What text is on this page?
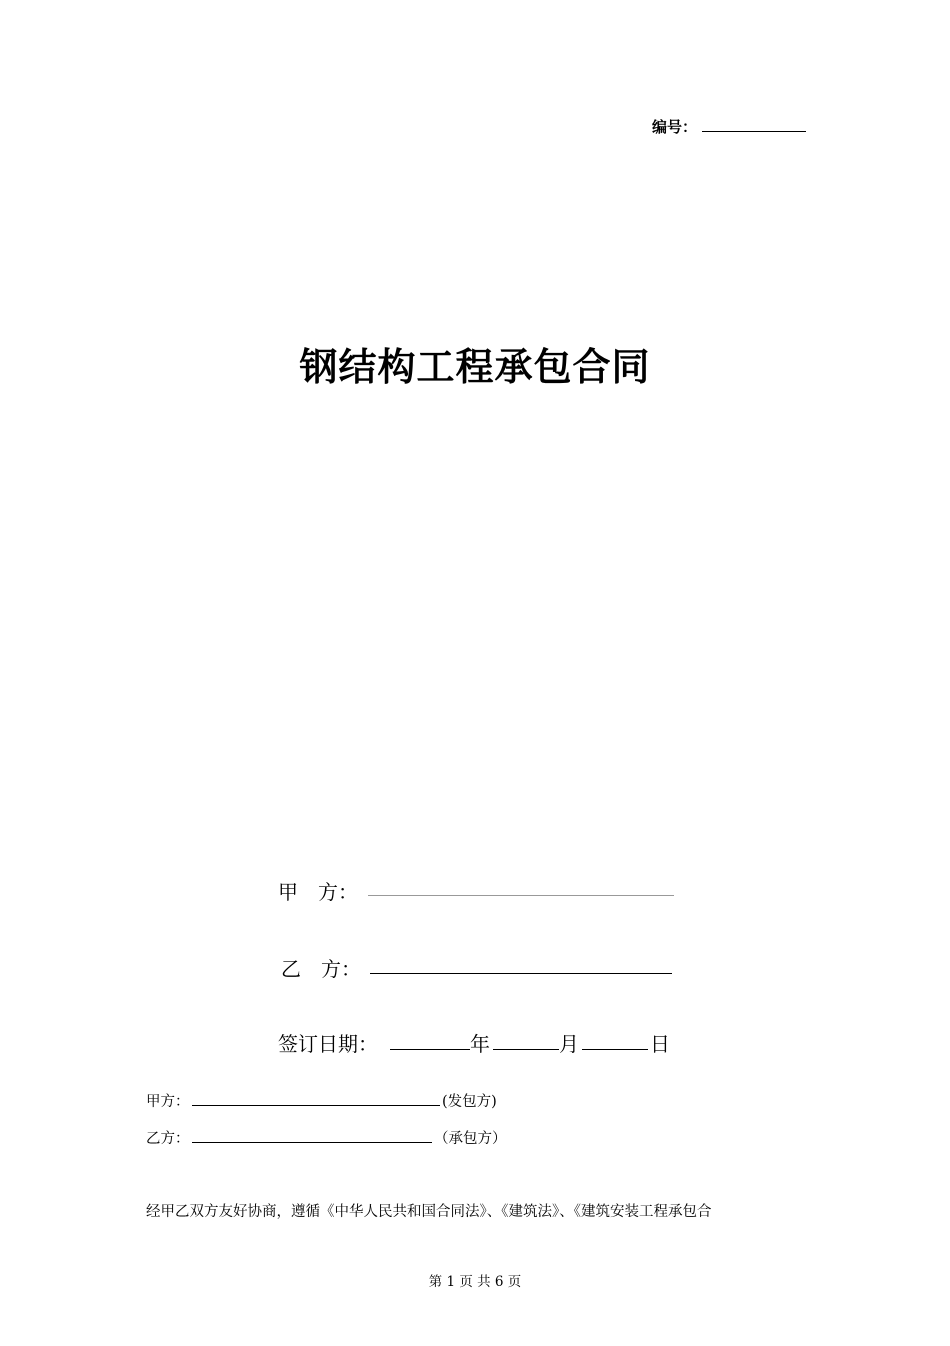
编号：
钢结构工程承包合同
甲　方：
乙　方：
签订日期：	年	月	日
甲方：	(发包方)
乙方：	（承包方）
经甲乙双方友好协商，遵循《中华人民共和国合同法》、《建筑法》、《建筑安装工程承包合
第 1 页 共 6 页
